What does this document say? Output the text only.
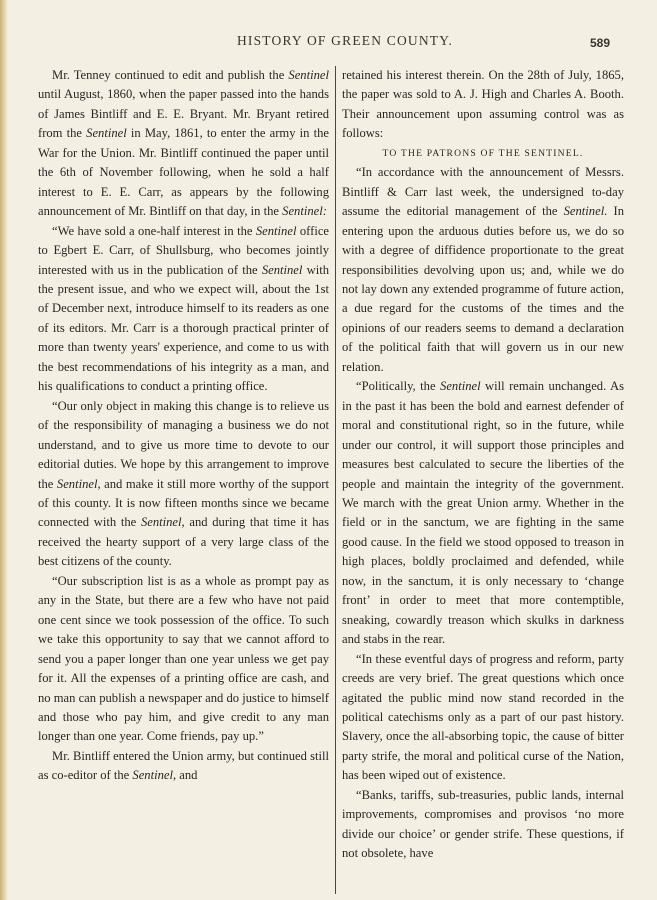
HISTORY OF GREEN COUNTY.	589

Mr. Tenney continued to edit and publish the Sentinel until August, 1860, when the paper passed into the hands of James Bintliff and E. E. Bryant. Mr. Bryant retired from the Sentinel in May, 1861, to enter the army in the War for the Union. Mr. Bintliff continued the paper until the 6th of November following, when he sold a half interest to E. E. Carr, as appears by the following announcement of Mr. Bintliff on that day, in the Sentinel:

“We have sold a one-half interest in the Sentinel office to Egbert E. Carr, of Shullsburg, who becomes jointly interested with us in the publication of the Sentinel with the present issue, and who we expect will, about the 1st of December next, introduce himself to its readers as one of its editors. Mr. Carr is a thorough practical printer of more than twenty years' experience, and come to us with the best recommendations of his integrity as a man, and his qualifications to conduct a printing office.

“Our only object in making this change is to relieve us of the responsibility of managing a business we do not understand, and to give us more time to devote to our editorial duties. We hope by this arrangement to improve the Sentinel, and make it still more worthy of the support of this county. It is now fifteen months since we became connected with the Sentinel, and during that time it has received the hearty support of a very large class of the best citizens of the county.

“Our subscription list is as a whole as prompt pay as any in the State, but there are a few who have not paid one cent since we took possession of the office. To such we take this opportunity to say that we cannot afford to send you a paper longer than one year unless we get pay for it. All the expenses of a printing office are cash, and no man can publish a newspaper and do justice to himself and those who pay him, and give credit to any man longer than one year. Come friends, pay up.”

Mr. Bintliff entered the Union army, but continued still as co-editor of the Sentinel, and

retained his interest therein. On the 28th of July, 1865, the paper was sold to A. J. High and Charles A. Booth. Their announcement upon assuming control was as follows:

TO THE PATRONS OF THE SENTINEL.

“In accordance with the announcement of Messrs. Bintliff & Carr last week, the undersigned to-day assume the editorial management of the Sentinel. In entering upon the arduous duties before us, we do so with a degree of diffidence proportionate to the great responsibilities devolving upon us; and, while we do not lay down any extended programme of future action, a due regard for the customs of the times and the opinions of our readers seems to demand a declaration of the political faith that will govern us in our new relation.

“Politically, the Sentinel will remain unchanged. As in the past it has been the bold and earnest defender of moral and constitutional right, so in the future, while under our control, it will support those principles and measures best calculated to secure the liberties of the people and maintain the integrity of the government. We march with the great Union army. Whether in the field or in the sanctum, we are fighting in the same good cause. In the field we stood opposed to treason in high places, boldly proclaimed and defended, while now, in the sanctum, it is only necessary to ‘change front’ in order to meet that more contemptible, sneaking, cowardly treason which skulks in darkness and stabs in the rear.

“In these eventful days of progress and reform, party creeds are very brief. The great questions which once agitated the public mind now stand recorded in the political catechisms only as a part of our past history. Slavery, once the all-absorbing topic, the cause of bitter party strife, the moral and political curse of the Nation, has been wiped out of existence.

“Banks, tariffs, sub-treasuries, public lands, internal improvements, compromises and provisos ‘no more divide our choice’ or gender strife. These questions, if not obsolete, have
